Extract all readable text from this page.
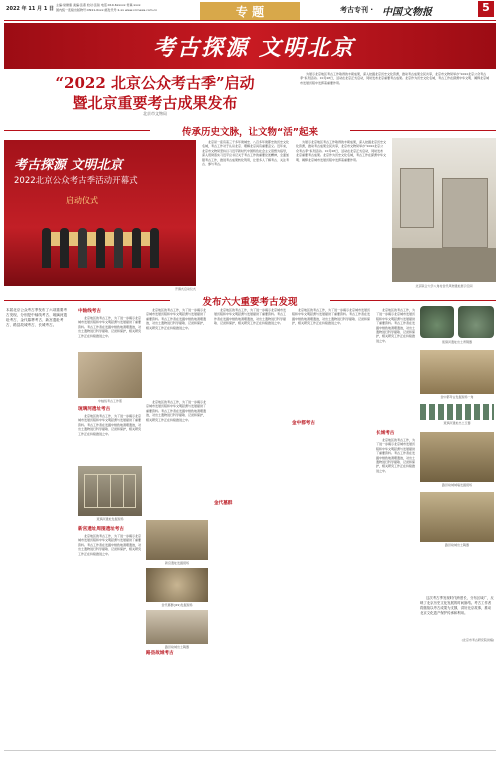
2022 年 11 月 1 日
主编:常健康 美编:张燕 校对:张铁 电话:010-6xxxxx 传真:xxxx
国内统一连续出版物号:CN11-0xxx 邮发代号:1-xx www.ccrnews.com.cn	专 题	考古专刊 · 中国文物报	5
考古探源 文明北京
“2022 北京公众考古季”启动
暨北京重要考古成果发布
北京市文物局
为展示北京地区考古工作取得的丰硕成果，深入挖掘北京历史文化资源，推动考古成果全民共享，北京市文物局举办“2022北京公众考古季”系列活动。10月28日，活动在北京正式启动，同时发布北京重要考古成果。北京作为历史文化名城，考古工作在探源中华文明、阐释北京城市发展历程中发挥着重要作用。
传承历史文脉，让文物“活”起来
考古探源 文明北京
2022北京公众考古季活动开幕式
启动仪式
开幕式启动仪式
北京是一座有着三千多年建城史、八百多年建都史的历史文化名城，考古工作对于认识北京、理解北京具有重要意义。近年来，北京市文物局坚持以习近平新时代中国特色社会主义思想为指导，深入贯彻落实习近平总书记关于考古工作的重要论述精神，全面加强考古工作，推进考古成果转化利用，让更多人了解考古、关注考古、参与考古。
为展示北京地区考古工作取得的丰硕成果，深入挖掘北京历史文化资源，推动考古成果全民共享，北京市文物局举办“2022北京公众考古季”系列活动。10月28日，活动在北京正式启动，同时发布北京重要考古成果。北京作为历史文化名城，考古工作在探源中华文明、阐释北京城市发展历程中发挥着重要作用。
北京联合大学八角村金代风物遗址展示空间
发布六大重要考古发现
本届北京公众考古季发布了六项重要考古发现，分别是中轴线考古、琉璃河遗址考古、金代墓葬考古、新宫遗址考古、路县故城考古、长城考古。
北京地区的考古工作，为了进一步揭示北京城市发展历程和中华文明起源与发展提供了重要资料。考古工作者在发掘中细致地清理遗迹，对出土遗物进行科学提取、记录和保护，相关研究工作正在持续推进之中。
中轴线考古
北京地区的考古工作，为了进一步揭示北京城市发展历程和中华文明起源与发展提供了重要资料。考古工作者在发掘中细致地清理遗迹，对出土遗物进行科学提取、记录和保护，相关研究工作正在持续推进之中。
中轴线考古工作照
琉璃河遗址考古
北京地区的考古工作，为了进一步揭示北京城市发展历程和中华文明起源与发展提供了重要资料。考古工作者在发掘中细致地清理遗迹，对出土遗物进行科学提取、记录和保护，相关研究工作正在持续推进之中。
琉璃河遗址发掘现场
新宫遗址周围遗址考古
北京地区的考古工作，为了进一步揭示北京城市发展历程和中华文明起源与发展提供了重要资料。考古工作者在发掘中细致地清理遗迹，对出土遗物进行科学提取、记录和保护，相关研究工作正在持续推进之中。
北京地区的考古工作，为了进一步揭示北京城市发展历程和中华文明起源与发展提供了重要资料。考古工作者在发掘中细致地清理遗迹，对出土遗物进行科学提取、记录和保护，相关研究工作正在持续推进之中。
新宫遗址发掘现场
金代墓群(J29)发掘现场
路县故城出土陶器
北京地区的考古工作，为了进一步揭示北京城市发展历程和中华文明起源与发展提供了重要资料。考古工作者在发掘中细致地清理遗迹，对出土遗物进行科学提取、记录和保护，相关研究工作正在持续推进之中。
北京地区的考古工作，为了进一步揭示北京城市发展历程和中华文明起源与发展提供了重要资料。考古工作者在发掘中细致地清理遗迹，对出土遗物进行科学提取、记录和保护，相关研究工作正在持续推进之中。
金代墓群
路县故城考古
北京地区的考古工作，为了进一步揭示北京城市发展历程和中华文明起源与发展提供了重要资料。考古工作者在发掘中细致地清理遗迹，对出土遗物进行科学提取、记录和保护，相关研究工作正在持续推进之中。
金中都考古
北京地区的考古工作，为了进一步揭示北京城市发展历程和中华文明起源与发展提供了重要资料。考古工作者在发掘中细致地清理遗迹，对出土遗物进行科学提取、记录和保护，相关研究工作正在持续推进之中。	琉璃河遗址出土青铜器
金中都考古发掘现场一角
琉璃河遗址出土玉器
长城考古
北京地区的考古工作，为了进一步揭示北京城市发展历程和中华文明起源与发展提供了重要资料。考古工作者在发掘中细致地清理遗迹，对出土遗物进行科学提取、记录和保护，相关研究工作正在持续推进之中。
路县故城城墙发掘现场
路县故城出土陶器
这次考古季发现时代跨度长，分布区域广，反映了北京历史文化发展的时间脉络。考古工作者将继续以考古成果为支撑，讲好北京故事，推动北京文化遗产保护传承和利用。
(北京市考古研究院供稿)
